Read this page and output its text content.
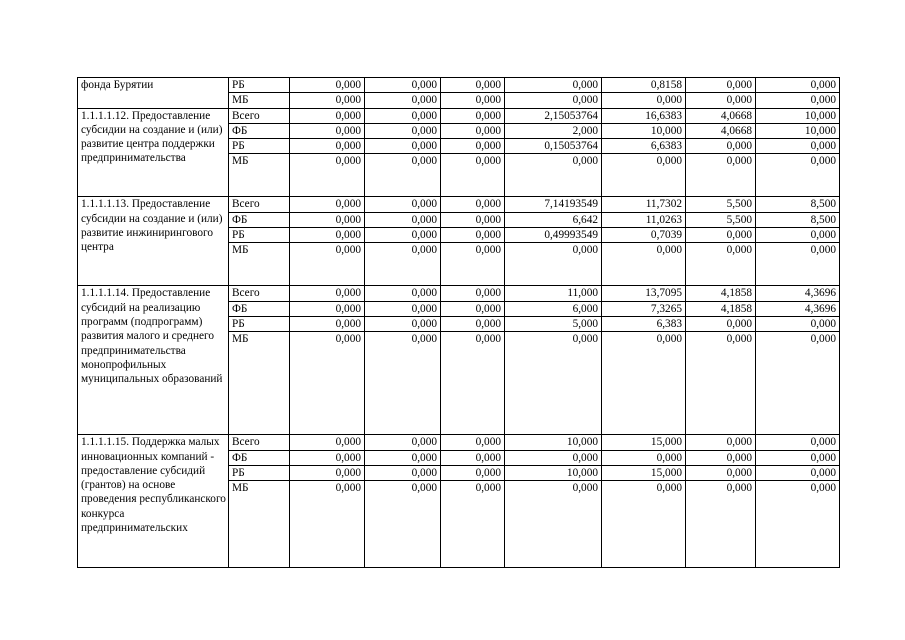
фонда Бурятии	РБ	0,000	0,000	0,000	0,000	0,8158	0,000	0,000
	МБ	0,000	0,000	0,000	0,000	0,000	0,000	0,000
1.1.1.1.12. Предоставление субсидии на создание и (или) развитие центра поддержки предпринимательства	Всего	0,000	0,000	0,000	2,15053764	16,6383	4,0668	10,000
	ФБ	0,000	0,000	0,000	2,000	10,000	4,0668	10,000
	РБ	0,000	0,000	0,000	0,15053764	6,6383	0,000	0,000
	МБ	0,000	0,000	0,000	0,000	0,000	0,000	0,000
1.1.1.1.13. Предоставление субсидии на создание и (или) развитие инжинирингового центра	Всего	0,000	0,000	0,000	7,14193549	11,7302	5,500	8,500
	ФБ	0,000	0,000	0,000	6,642	11,0263	5,500	8,500
	РБ	0,000	0,000	0,000	0,49993549	0,7039	0,000	0,000
	МБ	0,000	0,000	0,000	0,000	0,000	0,000	0,000
1.1.1.1.14. Предоставление субсидий на реализацию программ (подпрограмм) развития малого и среднего предпринимательства монопрофильных муниципальных образований	Всего	0,000	0,000	0,000	11,000	13,7095	4,1858	4,3696
	ФБ	0,000	0,000	0,000	6,000	7,3265	4,1858	4,3696
	РБ	0,000	0,000	0,000	5,000	6,383	0,000	0,000
	МБ	0,000	0,000	0,000	0,000	0,000	0,000	0,000
1.1.1.1.15. Поддержка малых инновационных компаний - предоставление субсидий (грантов) на основе проведения республиканского конкурса предпринимательских	Всего	0,000	0,000	0,000	10,000	15,000	0,000	0,000
	ФБ	0,000	0,000	0,000	0,000	0,000	0,000	0,000
	РБ	0,000	0,000	0,000	10,000	15,000	0,000	0,000
	МБ	0,000	0,000	0,000	0,000	0,000	0,000	0,000
